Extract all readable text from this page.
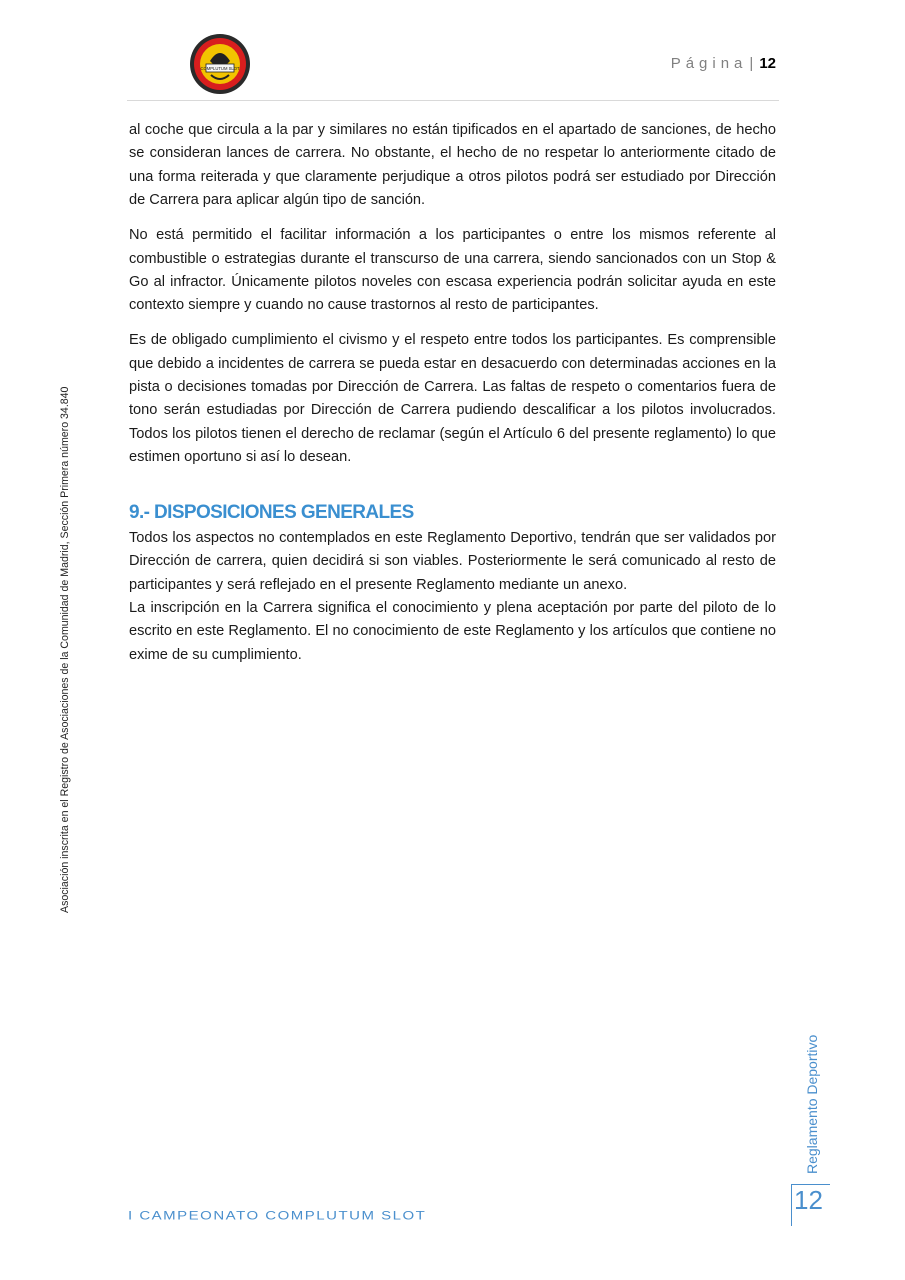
COMPLUTUM SLOT	Página | 12

al coche que circula a la par y similares no están tipificados en el apartado de sanciones, de hecho se consideran lances de carrera. No obstante, el hecho de no respetar lo anteriormente citado de una forma reiterada y que claramente perjudique a otros pilotos podrá ser estudiado por Dirección de Carrera para aplicar algún tipo de sanción.

No está permitido el facilitar información a los participantes o entre los mismos referente al combustible o estrategias durante el transcurso de una carrera, siendo sancionados con un Stop & Go al infractor. Únicamente pilotos noveles con escasa experiencia podrán solicitar ayuda en este contexto siempre y cuando no cause trastornos al resto de participantes.

Es de obligado cumplimiento el civismo y el respeto entre todos los participantes. Es comprensible que debido a incidentes de carrera se pueda estar en desacuerdo con determinadas acciones en la pista o decisiones tomadas por Dirección de Carrera. Las faltas de respeto o comentarios fuera de tono serán estudiadas por Dirección de Carrera pudiendo descalificar a los pilotos involucrados. Todos los pilotos tienen el derecho de reclamar (según el Artículo 6 del presente reglamento) lo que estimen oportuno si así lo desean.

9.- DISPOSICIONES GENERALES

Todos los aspectos no contemplados en este Reglamento Deportivo, tendrán que ser validados por Dirección de carrera, quien decidirá si son viables. Posteriormente le será comunicado al resto de participantes y será reflejado en el presente Reglamento mediante un anexo.

La inscripción en la Carrera significa el conocimiento y plena aceptación por parte del piloto de lo escrito en este Reglamento. El no conocimiento de este Reglamento y los artículos que contiene no exime de su cumplimiento.

Asociación inscrita en el Registro de Asociaciones de la Comunidad de Madrid, Sección Primera número 34.840
Reglamento Deportivo
12
I CAMPEONATO COMPLUTUM SLOT
